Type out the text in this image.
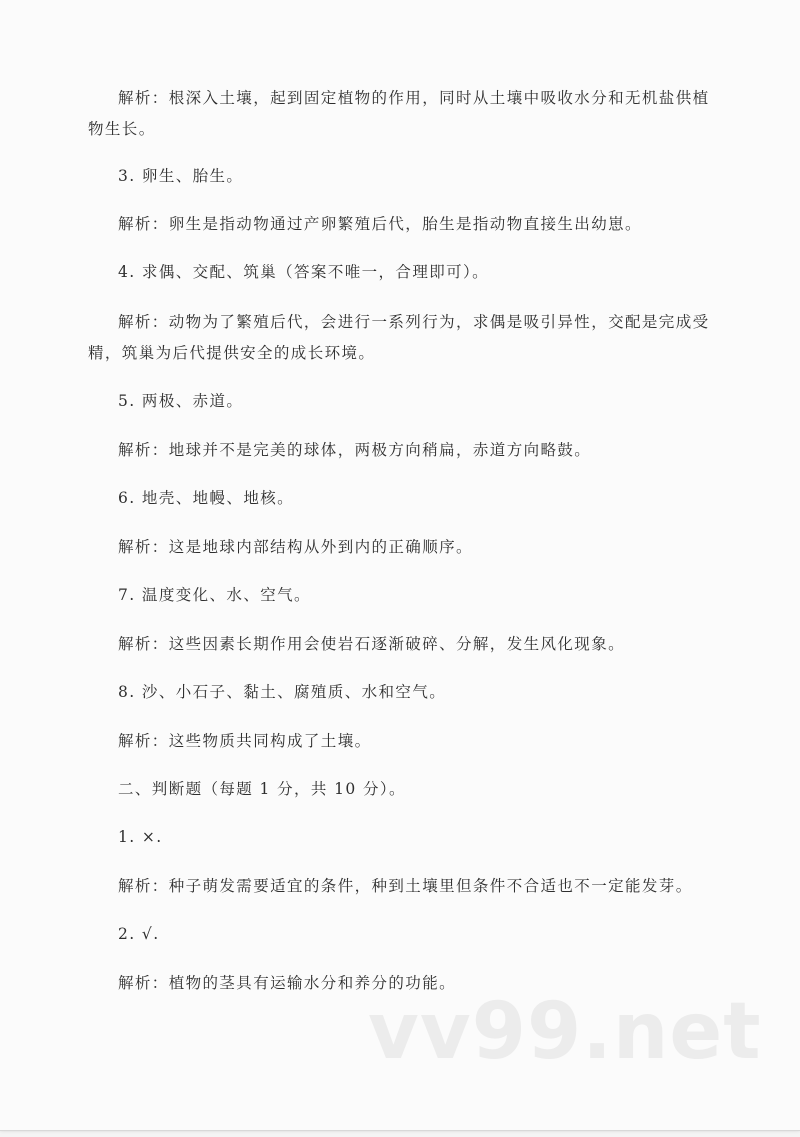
解析：根深入土壤，起到固定植物的作用，同时从土壤中吸收水分和无机盐供植
物生长。
3. 卵生、胎生。
解析：卵生是指动物通过产卵繁殖后代，胎生是指动物直接生出幼崽。
4. 求偶、交配、筑巢（答案不唯一，合理即可）。
解析：动物为了繁殖后代，会进行一系列行为，求偶是吸引异性，交配是完成受
精，筑巢为后代提供安全的成长环境。
5. 两极、赤道。
解析：地球并不是完美的球体，两极方向稍扁，赤道方向略鼓。
6. 地壳、地幔、地核。
解析：这是地球内部结构从外到内的正确顺序。
7. 温度变化、水、空气。
解析：这些因素长期作用会使岩石逐渐破碎、分解，发生风化现象。
8. 沙、小石子、黏土、腐殖质、水和空气。
解析：这些物质共同构成了土壤。
二、判断题（每题 1 分，共 10 分）。
1. ×.
解析：种子萌发需要适宜的条件，种到土壤里但条件不合适也不一定能发芽。
2. √.
解析：植物的茎具有运输水分和养分的功能。
vv99.net
